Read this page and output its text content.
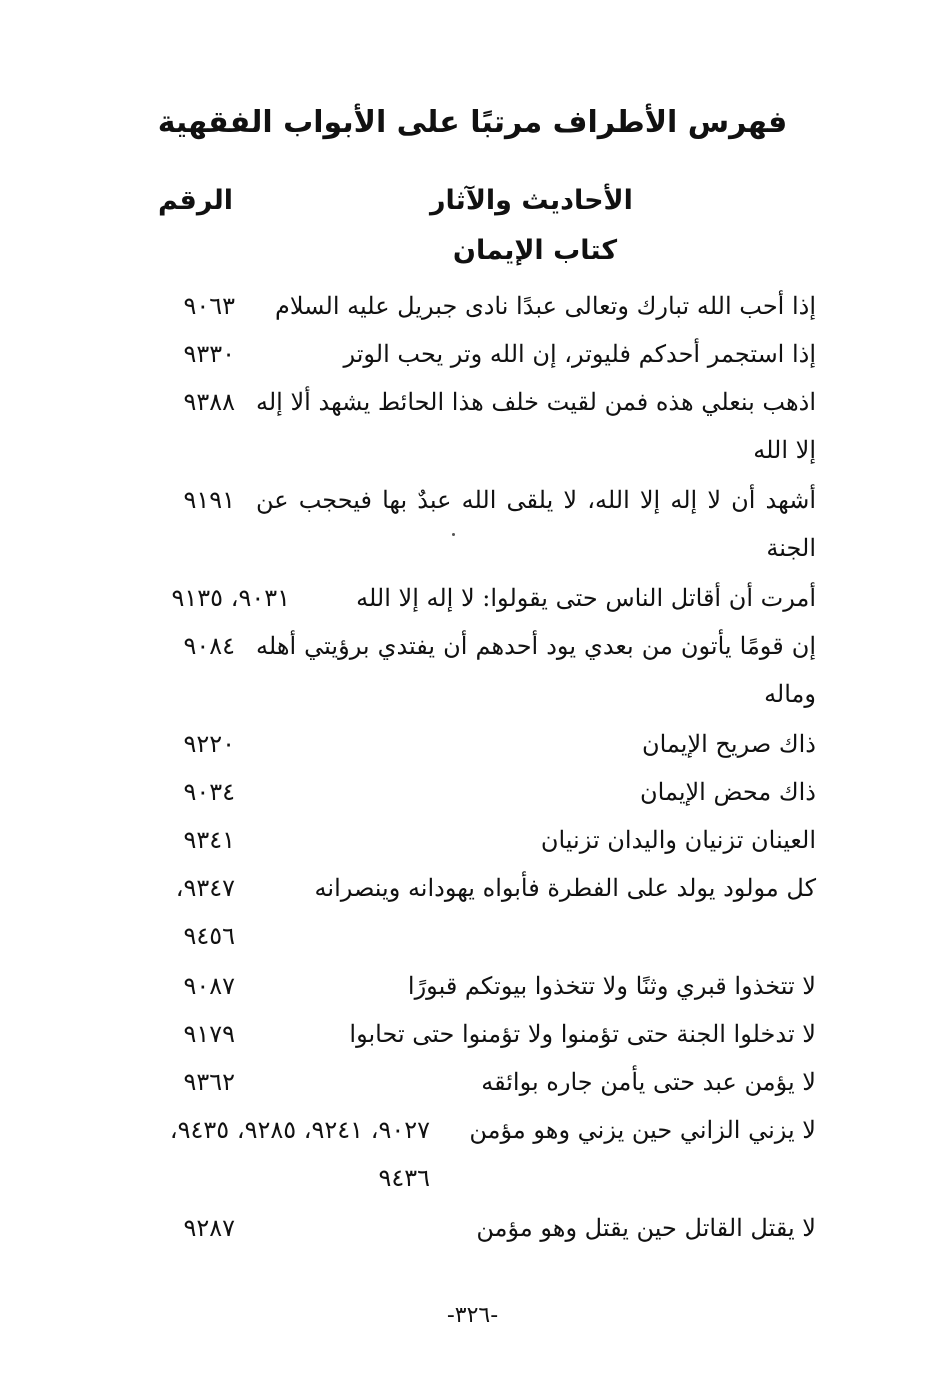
فهرس الأطراف مرتبًا على الأبواب الفقهية
الأحاديث والآثار
الرقم
كتاب الإيمان
إذا أحب الله تبارك وتعالى عبدًا نادى جبريل عليه السلام
٩٠٦٣
إذا استجمر أحدكم فليوتر، إن الله وتر يحب الوتر
٩٣٣٠
اذهب بنعلي هذه فمن لقيت خلف هذا الحائط يشهد ألا إله إلا الله
٩٣٨٨
أشهد أن لا إله إلا الله، لا يلقى الله عبدٌ بها فيحجب عن الجنة
٩١٩١
أمرت أن أقاتل الناس حتى يقولوا: لا إله إلا الله
٩٠٣١، ٩١٣٥
إن قومًا يأتون من بعدي يود أحدهم أن يفتدي برؤيتي أهله وماله
٩٠٨٤
ذاك صريح الإيمان
٩٢٢٠
ذاك محض الإيمان
٩٠٣٤
العينان تزنيان واليدان تزنيان
٩٣٤١
كل مولود يولد على الفطرة فأبواه يهودانه وينصرانه
٩٣٤٧، ٩٤٥٦
لا تتخذوا قبري وثنًا ولا تتخذوا بيوتكم قبورًا
٩٠٨٧
لا تدخلوا الجنة حتى تؤمنوا ولا تؤمنوا حتى تحابوا
٩١٧٩
لا يؤمن عبد حتى يأمن جاره بوائقه
٩٣٦٢
لا يزني الزاني حين يزني وهو مؤمن
٩٠٢٧، ٩٢٤١، ٩٢٨٥، ٩٤٣٥، ٩٤٣٦
لا يقتل القاتل حين يقتل وهو مؤمن
٩٢٨٧
-٣٢٦-
